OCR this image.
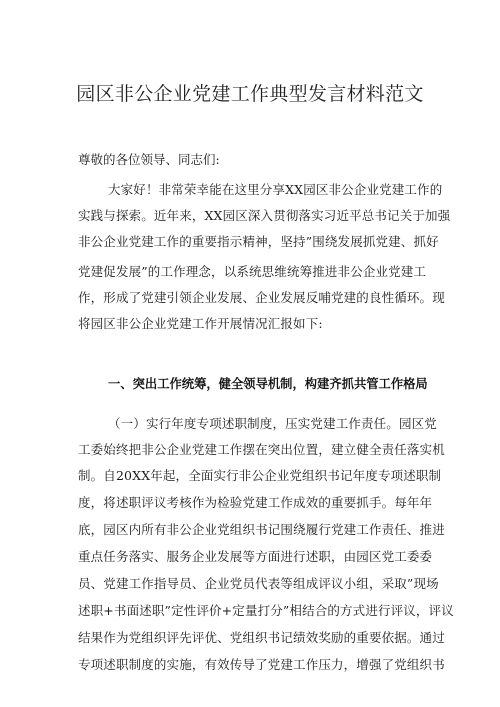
园区非公企业党建工作典型发言材料范文
尊敬的各位领导、同志们:
大家好！非常荣幸能在这里分享XX园区非公企业党建工作的
实践与探索。近年来，XX园区深入贯彻落实习近平总书记关于加强
非公企业党建工作的重要指示精神，坚持”围绕发展抓党建、抓好
党建促发展”的工作理念，以系统思维统筹推进非公企业党建工
作，形成了党建引领企业发展、企业发展反哺党建的良性循环。现
将园区非公企业党建工作开展情况汇报如下:
一、突出工作统筹，健全领导机制，构建齐抓共管工作格局
（一）实行年度专项述职制度，压实党建工作责任。园区党
工委始终把非公企业党建工作摆在突出位置，建立健全责任落实机
制。自20XX年起，全面实行非公企业党组织书记年度专项述职制
度，将述职评议考核作为检验党建工作成效的重要抓手。每年年
底，园区内所有非公企业党组织书记围绕履行党建工作责任、推进
重点任务落实、服务企业发展等方面进行述职，由园区党工委委
员、党建工作指导员、企业党员代表等组成评议小组，采取”现场
述职+书面述职”定性评价+定量打分”相结合的方式进行评议，评议
结果作为党组织评先评优、党组织书记绩效奖励的重要依据。通过
专项述职制度的实施，有效传导了党建工作压力，增强了党组织书
